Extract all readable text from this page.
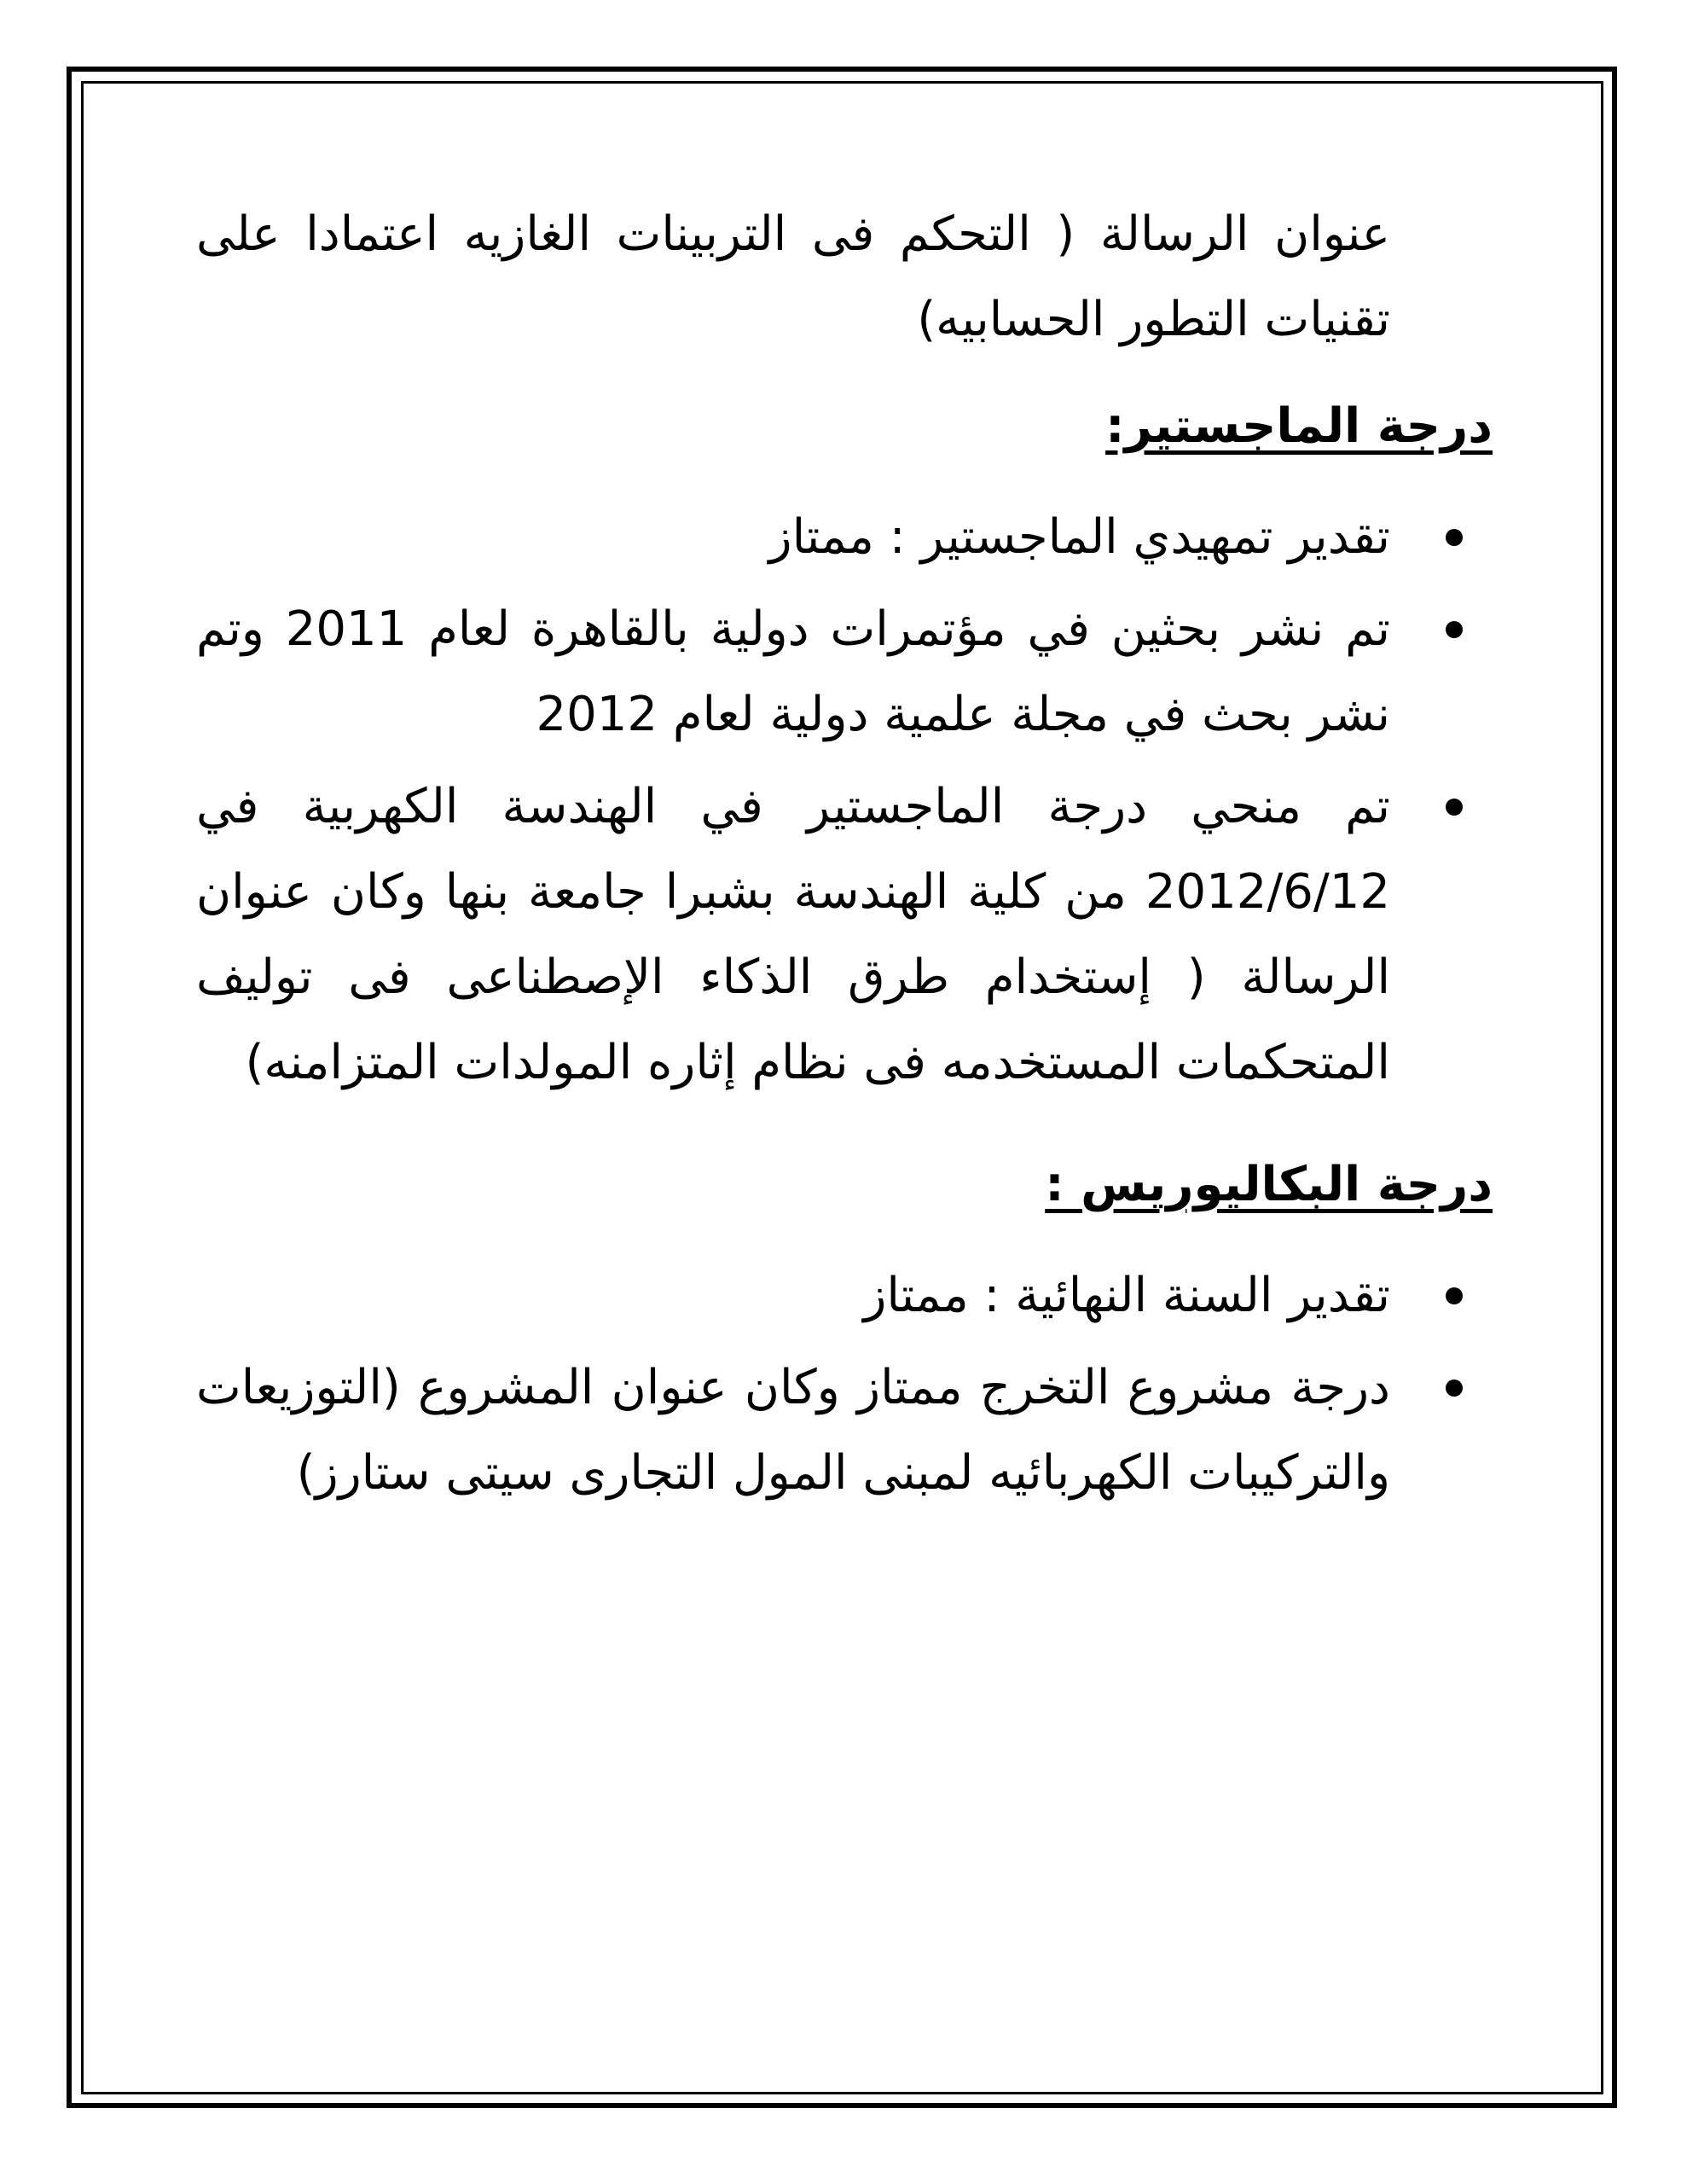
عنوان الرسالة ( التحكم فى التربينات الغازيه اعتمادا على تقنيات التطور الحسابيه)

درجة الماجستير:
تقدير تمهيدي الماجستير : ممتاز
تم نشر بحثين في مؤتمرات دولية بالقاهرة لعام 2011 وتم نشر بحث في مجلة علمية دولية لعام 2012
تم منحي درجة الماجستير في الهندسة الكهربية في 2012/6/12 من كلية الهندسة بشبرا جامعة بنها وكان عنوان الرسالة ( إستخدام طرق الذكاء الإصطناعى فى توليف المتحكمات المستخدمه فى نظام إثاره المولدات المتزامنه)
درجة البكاليوريس :
تقدير السنة النهائية : ممتاز
درجة مشروع التخرج ممتاز وكان عنوان المشروع (التوزيعات والتركيبات الكهربائيه لمبنى المول التجارى سيتى ستارز)
